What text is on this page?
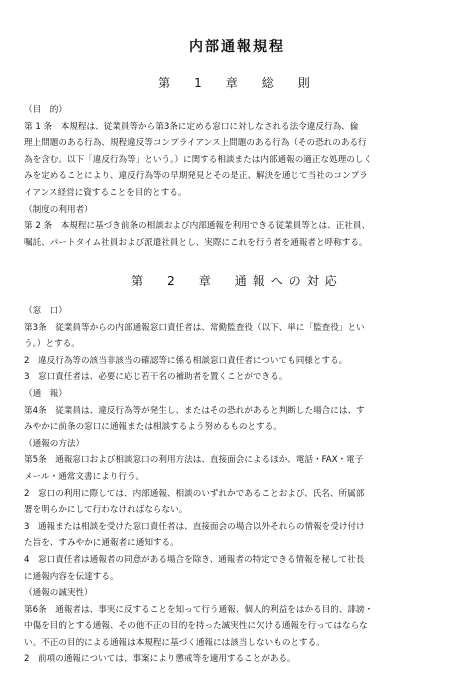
内部通報規程
第　1　章　総　則
（目　的）
第 1 条　本規程は、従業員等から第3条に定める窓口に対しなされる法令違反行為、倫
理上問題のある行為、規程違反等コンプライアンス上問題のある行為（その恐れのある行
為を含む。以下「違反行為等」という。）に関する相談または内部通報の適正な処理のしく
みを定めることにより、違反行為等の早期発見とその是正、解決を通じて当社のコンプラ
イアンス経営に資することを目的とする。
（制度の利用者）
第 2 条　本規程に基づき前条の相談および内部通報を利用できる従業員等とは、正社員、
嘱託、パートタイム社員および派遣社員とし、実際にこれを行う者を通報者と呼称する。
第　2　章　通報への対応
（窓　口）
第3条　従業員等からの内部通報窓口責任者は、常勤監査役（以下、単に「監査役」とい
う。）とする。
2　違反行為等の該当非該当の確認等に係る相談窓口責任者についても同様とする。
3　窓口責任者は、必要に応じ若干名の補助者を置くことができる。
（通　報）
第4条　従業員は、違反行為等が発生し、またはその恐れがあると判断した場合には、す
みやかに前条の窓口に通報または相談するよう努めるものとする。
（通報の方法）
第5条　通報窓口および相談窓口の利用方法は、直接面会によるほか、電話・FAX・電子
メール・通常文書により行う。
2　窓口の利用に際しては、内部通報、相談のいずれかであることおよび、氏名、所属部
署を明らかにして行わなければならない。
3　通報または相談を受けた窓口責任者は、直接面会の場合以外それらの情報を受け付け
た旨を、すみやかに通報者に通知する。
4　窓口責任者は通報者の同意がある場合を除き、通報者の特定できる情報を秘して社長
に通報内容を伝達する。
（通報の誠実性）
第6条　通報者は、事実に反することを知って行う通報、個人的利益をはかる目的、誹謗・
中傷を目的とする通報、その他不正の目的を持った誠実性に欠ける通報を行ってはならな
い。不正の目的による通報は本規程に基づく通報には該当しないものとする。
2　前項の通報については、事案により懲戒等を適用することがある。
